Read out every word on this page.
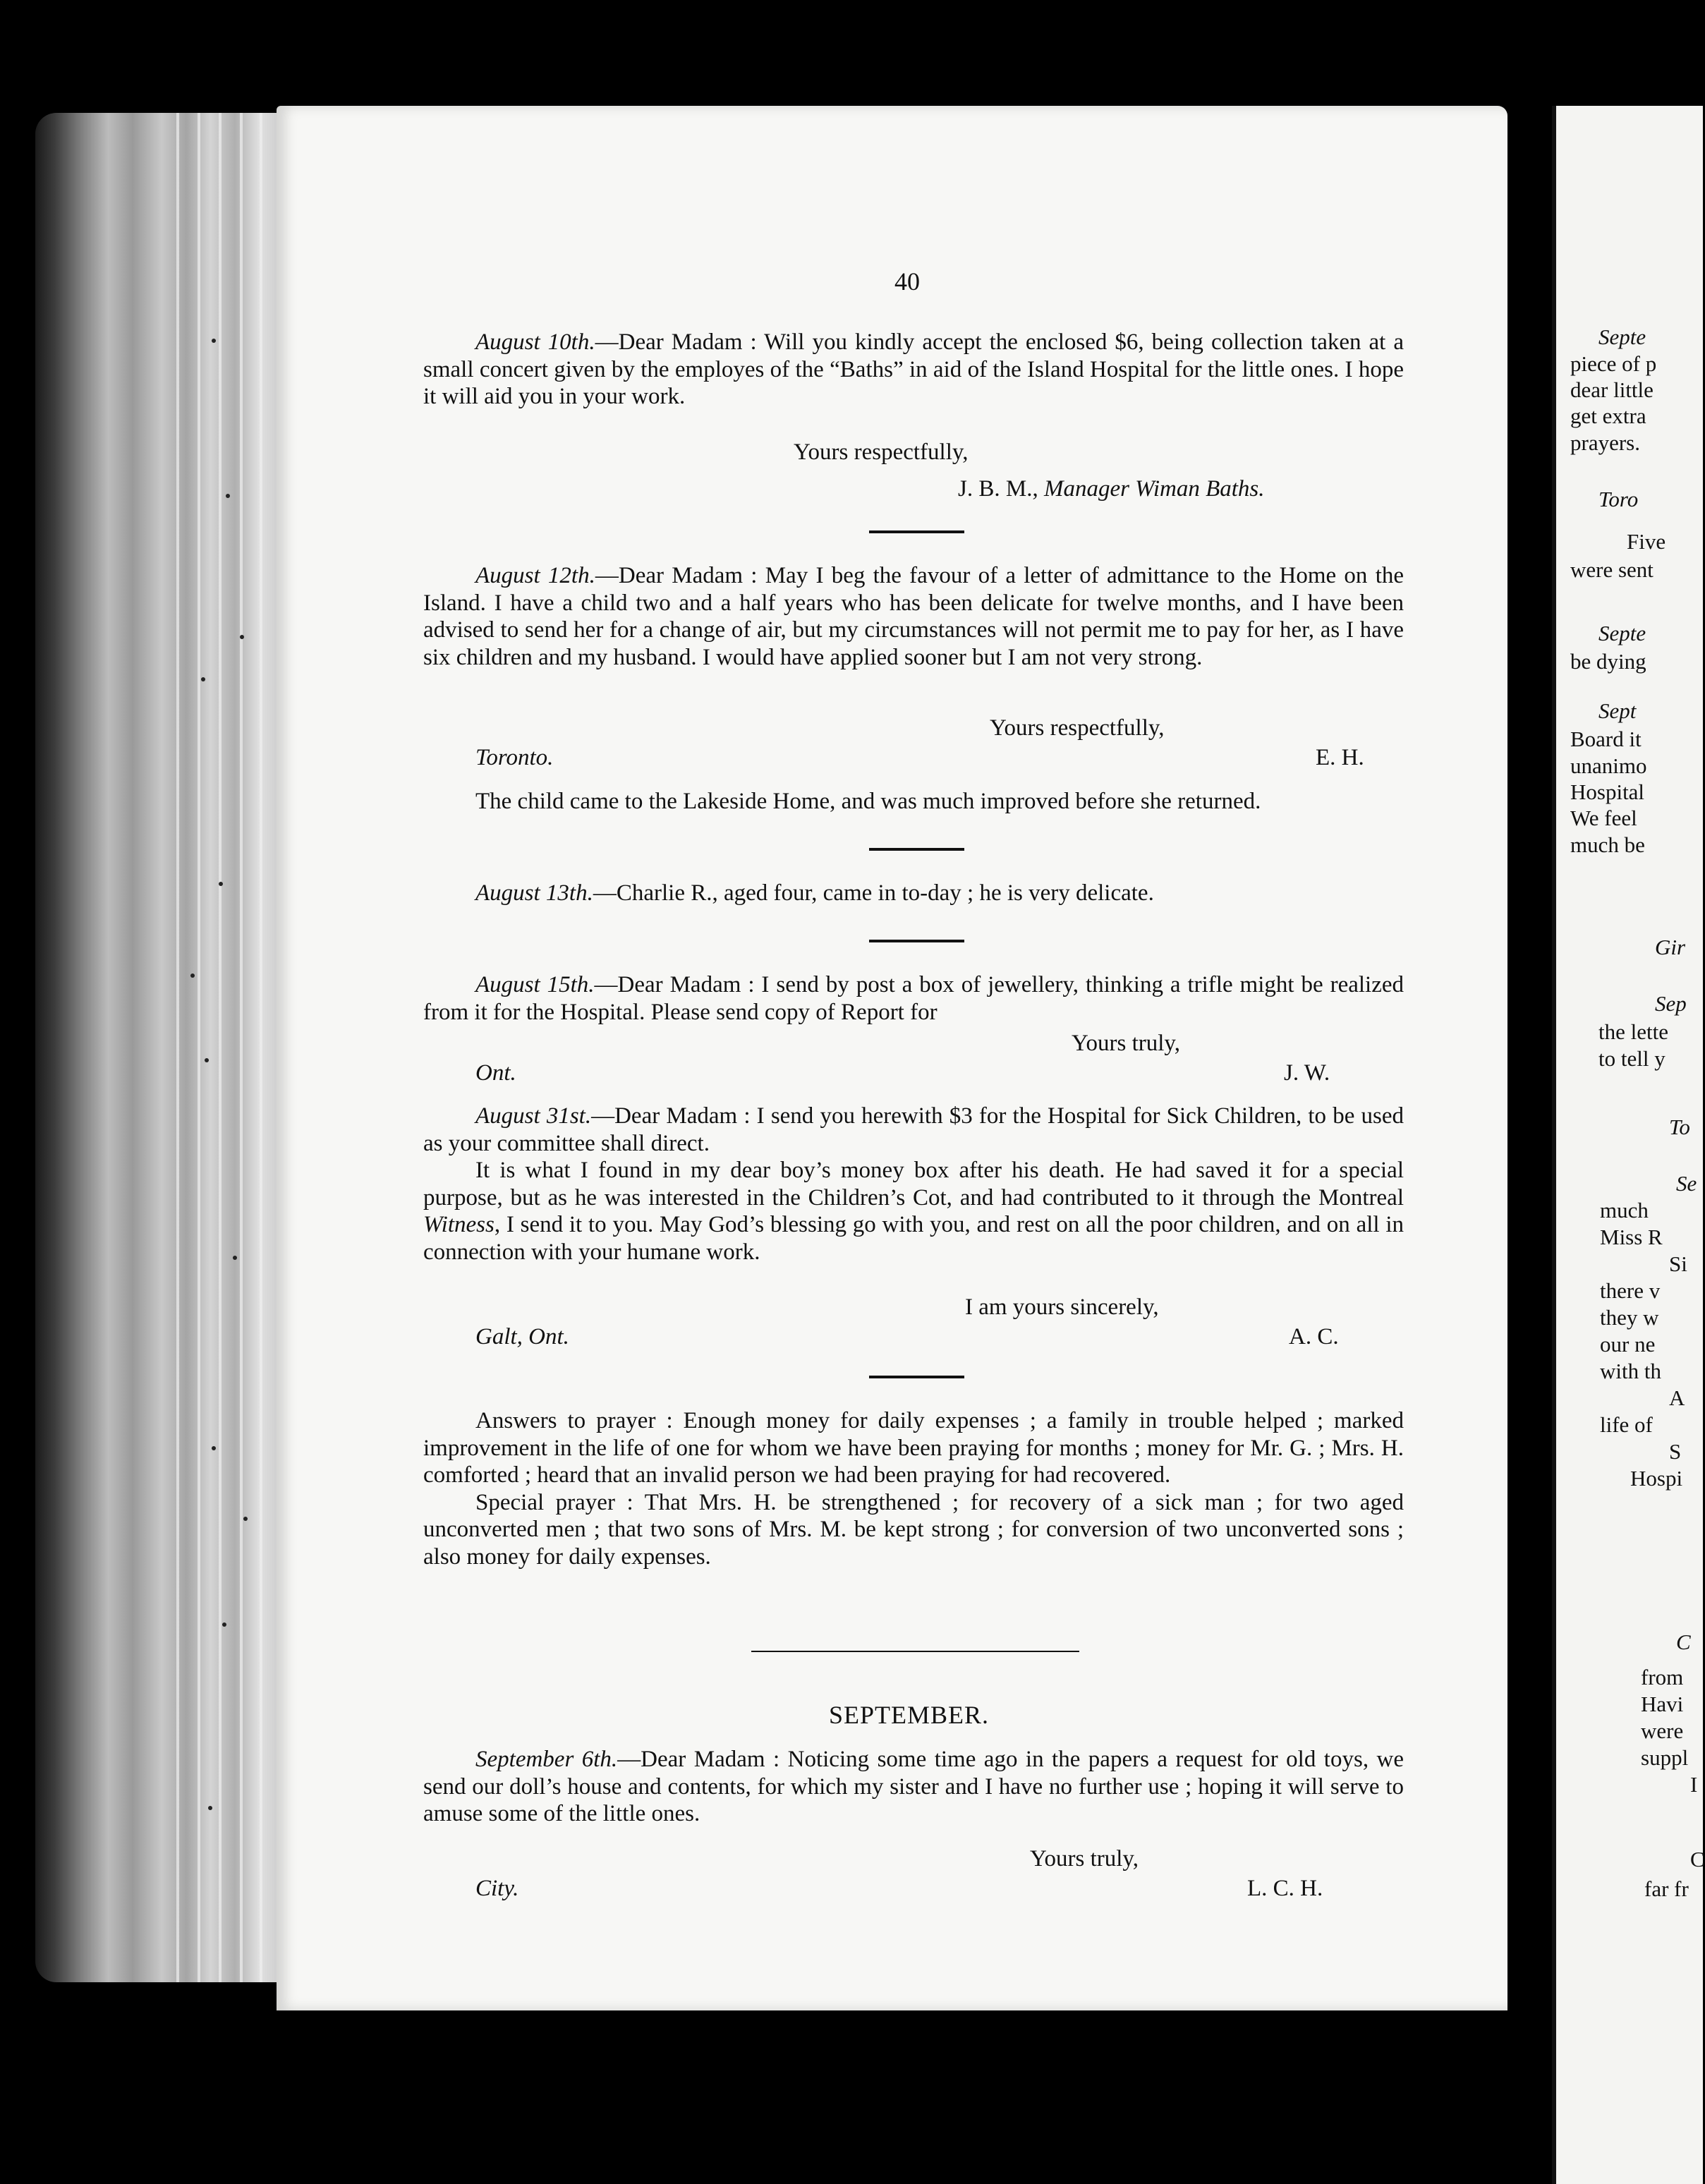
40

August 10th.—Dear Madam : Will you kindly accept the enclosed $6, being collection taken at a small concert given by the employes of the “Baths” in aid of the Island Hospital for the little ones. I hope it will aid you in your work.

Yours respectfully,
J. B. M., Manager Wiman Baths.

August 12th.—Dear Madam : May I beg the favour of a letter of admittance to the Home on the Island. I have a child two and a half years who has been delicate for twelve months, and I have been advised to send her for a change of air, but my circumstances will not permit me to pay for her, as I have six children and my husband. I would have applied sooner but I am not very strong.

Yours respectfully,
Toronto.	E. H.

The child came to the Lakeside Home, and was much improved before she returned.

August 13th.—Charlie R., aged four, came in to-day ; he is very delicate.

August 15th.—Dear Madam : I send by post a box of jewellery, thinking a trifle might be realized from it for the Hospital. Please send copy of Report for

Yours truly,
Ont.	J. W.

August 31st.—Dear Madam : I send you herewith $3 for the Hospital for Sick Children, to be used as your committee shall direct.

It is what I found in my dear boy’s money box after his death. He had saved it for a special purpose, but as he was interested in the Children’s Cot, and had contributed to it through the Montreal Witness, I send it to you. May God’s blessing go with you, and rest on all the poor children, and on all in connection with your humane work.

I am yours sincerely,
Galt, Ont.	A. C.

Answers to prayer : Enough money for daily expenses ; a family in trouble helped ; marked improvement in the life of one for whom we have been praying for months ; money for Mr. G. ; Mrs. H. comforted ; heard that an invalid person we had been praying for had recovered.

Special prayer : That Mrs. H. be strengthened ; for recovery of a sick man ; for two aged unconverted men ; that two sons of Mrs. M. be kept strong ; for conversion of two unconverted sons ; also money for daily expenses.

SEPTEMBER.

September 6th.—Dear Madam : Noticing some time ago in the papers a request for old toys, we send our doll’s house and contents, for which my sister and I have no further use ; hoping it will serve to amuse some of the little ones.

Yours truly,
City.	L. C. H.
Septe
piece of p
dear little
get extra
prayers.
Toro
Five
were sent
Septe
be dying
Sept
Board it
unanimo
Hospital
We feel
much be
Gir
Sep
the lette
to tell y
To
Se
much
Miss R
Si
there v
they w
our ne
with th
A
life of
S
Hospi
C
from
Havi
were
suppl
I
C
far fr
